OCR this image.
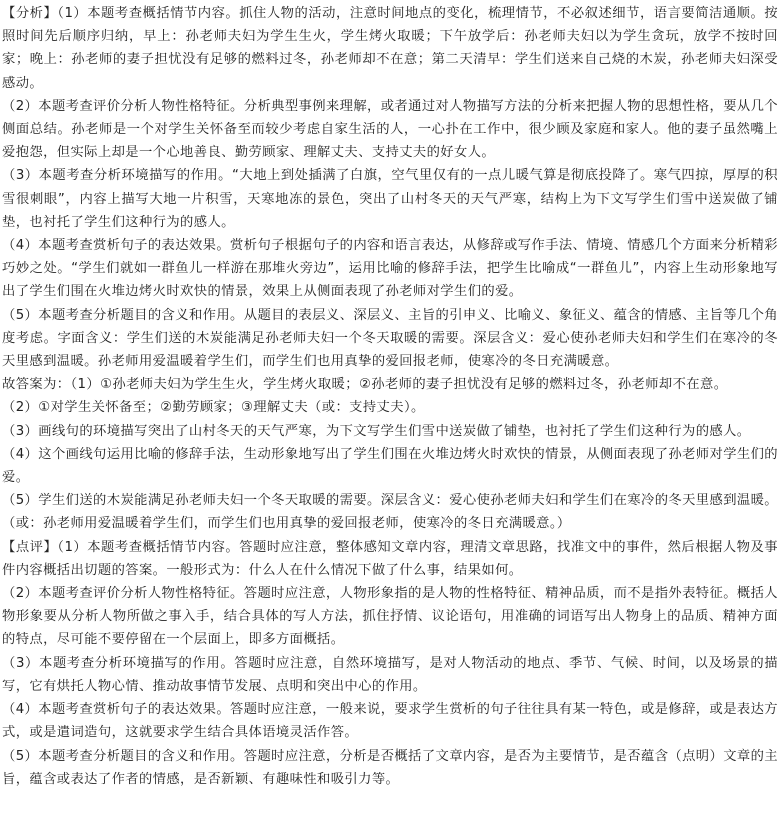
【分析】（1）本题考查概括情节内容。抓住人物的活动，注意时间地点的变化，梳理情节，不必叙述细节，语言要简洁通顺。按照时间先后顺序归纳，早上：孙老师夫妇为学生生火，学生烤火取暖；下午放学后：孙老师夫妇以为学生贪玩，放学不按时回家；晚上：孙老师的妻子担忧没有足够的燃料过冬，孙老师却不在意；第二天清早：学生们送来自己烧的木炭，孙老师夫妇深受感动。

（2）本题考查评价分析人物性格特征。分析典型事例来理解，或者通过对人物描写方法的分析来把握人物的思想性格，要从几个侧面总结。孙老师是一个对学生关怀备至而较少考虑自家生活的人，一心扑在工作中，很少顾及家庭和家人。他的妻子虽然嘴上爱抱怨，但实际上却是一个心地善良、勤劳顾家、理解丈夫、支持丈夫的好女人。

（3）本题考查分析环境描写的作用。“大地上到处插满了白旗，空气里仅有的一点儿暖气算是彻底投降了。寒气四掠，厚厚的积雪很刺眼”，内容上描写大地一片积雪，天寒地冻的景色，突出了山村冬天的天气严寒，结构上为下文写学生们雪中送炭做了铺垫，也衬托了学生们这种行为的感人。

（4）本题考查赏析句子的表达效果。赏析句子根据句子的内容和语言表达，从修辞或写作手法、情境、情感几个方面来分析精彩巧妙之处。“学生们就如一群鱼儿一样游在那堆火旁边”，运用比喻的修辞手法，把学生比喻成“一群鱼儿”，内容上生动形象地写出了学生们围在火堆边烤火时欢快的情景，效果上从侧面表现了孙老师对学生们的爱。

（5）本题考查分析题目的含义和作用。从题目的表层义、深层义、主旨的引申义、比喻义、象征义、蕴含的情感、主旨等几个角度考虑。字面含义：学生们送的木炭能满足孙老师夫妇一个冬天取暖的需要。深层含义：爱心使孙老师夫妇和学生们在寒冷的冬天里感到温暖。孙老师用爱温暖着学生们，而学生们也用真挚的爱回报老师，使寒冷的冬日充满暖意。

故答案为：（1）①孙老师夫妇为学生生火，学生烤火取暖；②孙老师的妻子担忧没有足够的燃料过冬，孙老师却不在意。

（2）①对学生关怀备至；②勤劳顾家；③理解丈夫（或：支持丈夫）。

（3）画线句的环境描写突出了山村冬天的天气严寒，为下文写学生们雪中送炭做了铺垫，也衬托了学生们这种行为的感人。

（4）这个画线句运用比喻的修辞手法，生动形象地写出了学生们围在火堆边烤火时欢快的情景，从侧面表现了孙老师对学生们的爱。

（5）学生们送的木炭能满足孙老师夫妇一个冬天取暖的需要。深层含义：爱心使孙老师夫妇和学生们在寒冷的冬天里感到温暖。（或：孙老师用爱温暖着学生们，而学生们也用真挚的爱回报老师，使寒冷的冬日充满暖意。）

【点评】（1）本题考查概括情节内容。答题时应注意，整体感知文章内容，理清文章思路，找准文中的事件，然后根据人物及事件内容概括出切题的答案。一般形式为：什么人在什么情况下做了什么事，结果如何。

（2）本题考查评价分析人物性格特征。答题时应注意，人物形象指的是人物的性格特征、精神品质，而不是指外表特征。概括人物形象要从分析人物所做之事入手，结合具体的写人方法，抓住抒情、议论语句，用准确的词语写出人物身上的品质、精神方面的特点，尽可能不要停留在一个层面上，即多方面概括。

（3）本题考查分析环境描写的作用。答题时应注意，自然环境描写，是对人物活动的地点、季节、气候、时间，以及场景的描写，它有烘托人物心情、推动故事情节发展、点明和突出中心的作用。

（4）本题考查赏析句子的表达效果。答题时应注意，一般来说，要求学生赏析的句子往往具有某一特色，或是修辞，或是表达方式，或是遣词造句，这就要求学生结合具体语境灵活作答。

（5）本题考查分析题目的含义和作用。答题时应注意，分析是否概括了文章内容，是否为主要情节，是否蕴含（点明）文章的主旨，蕴含或表达了作者的情感，是否新颖、有趣味性和吸引力等。
